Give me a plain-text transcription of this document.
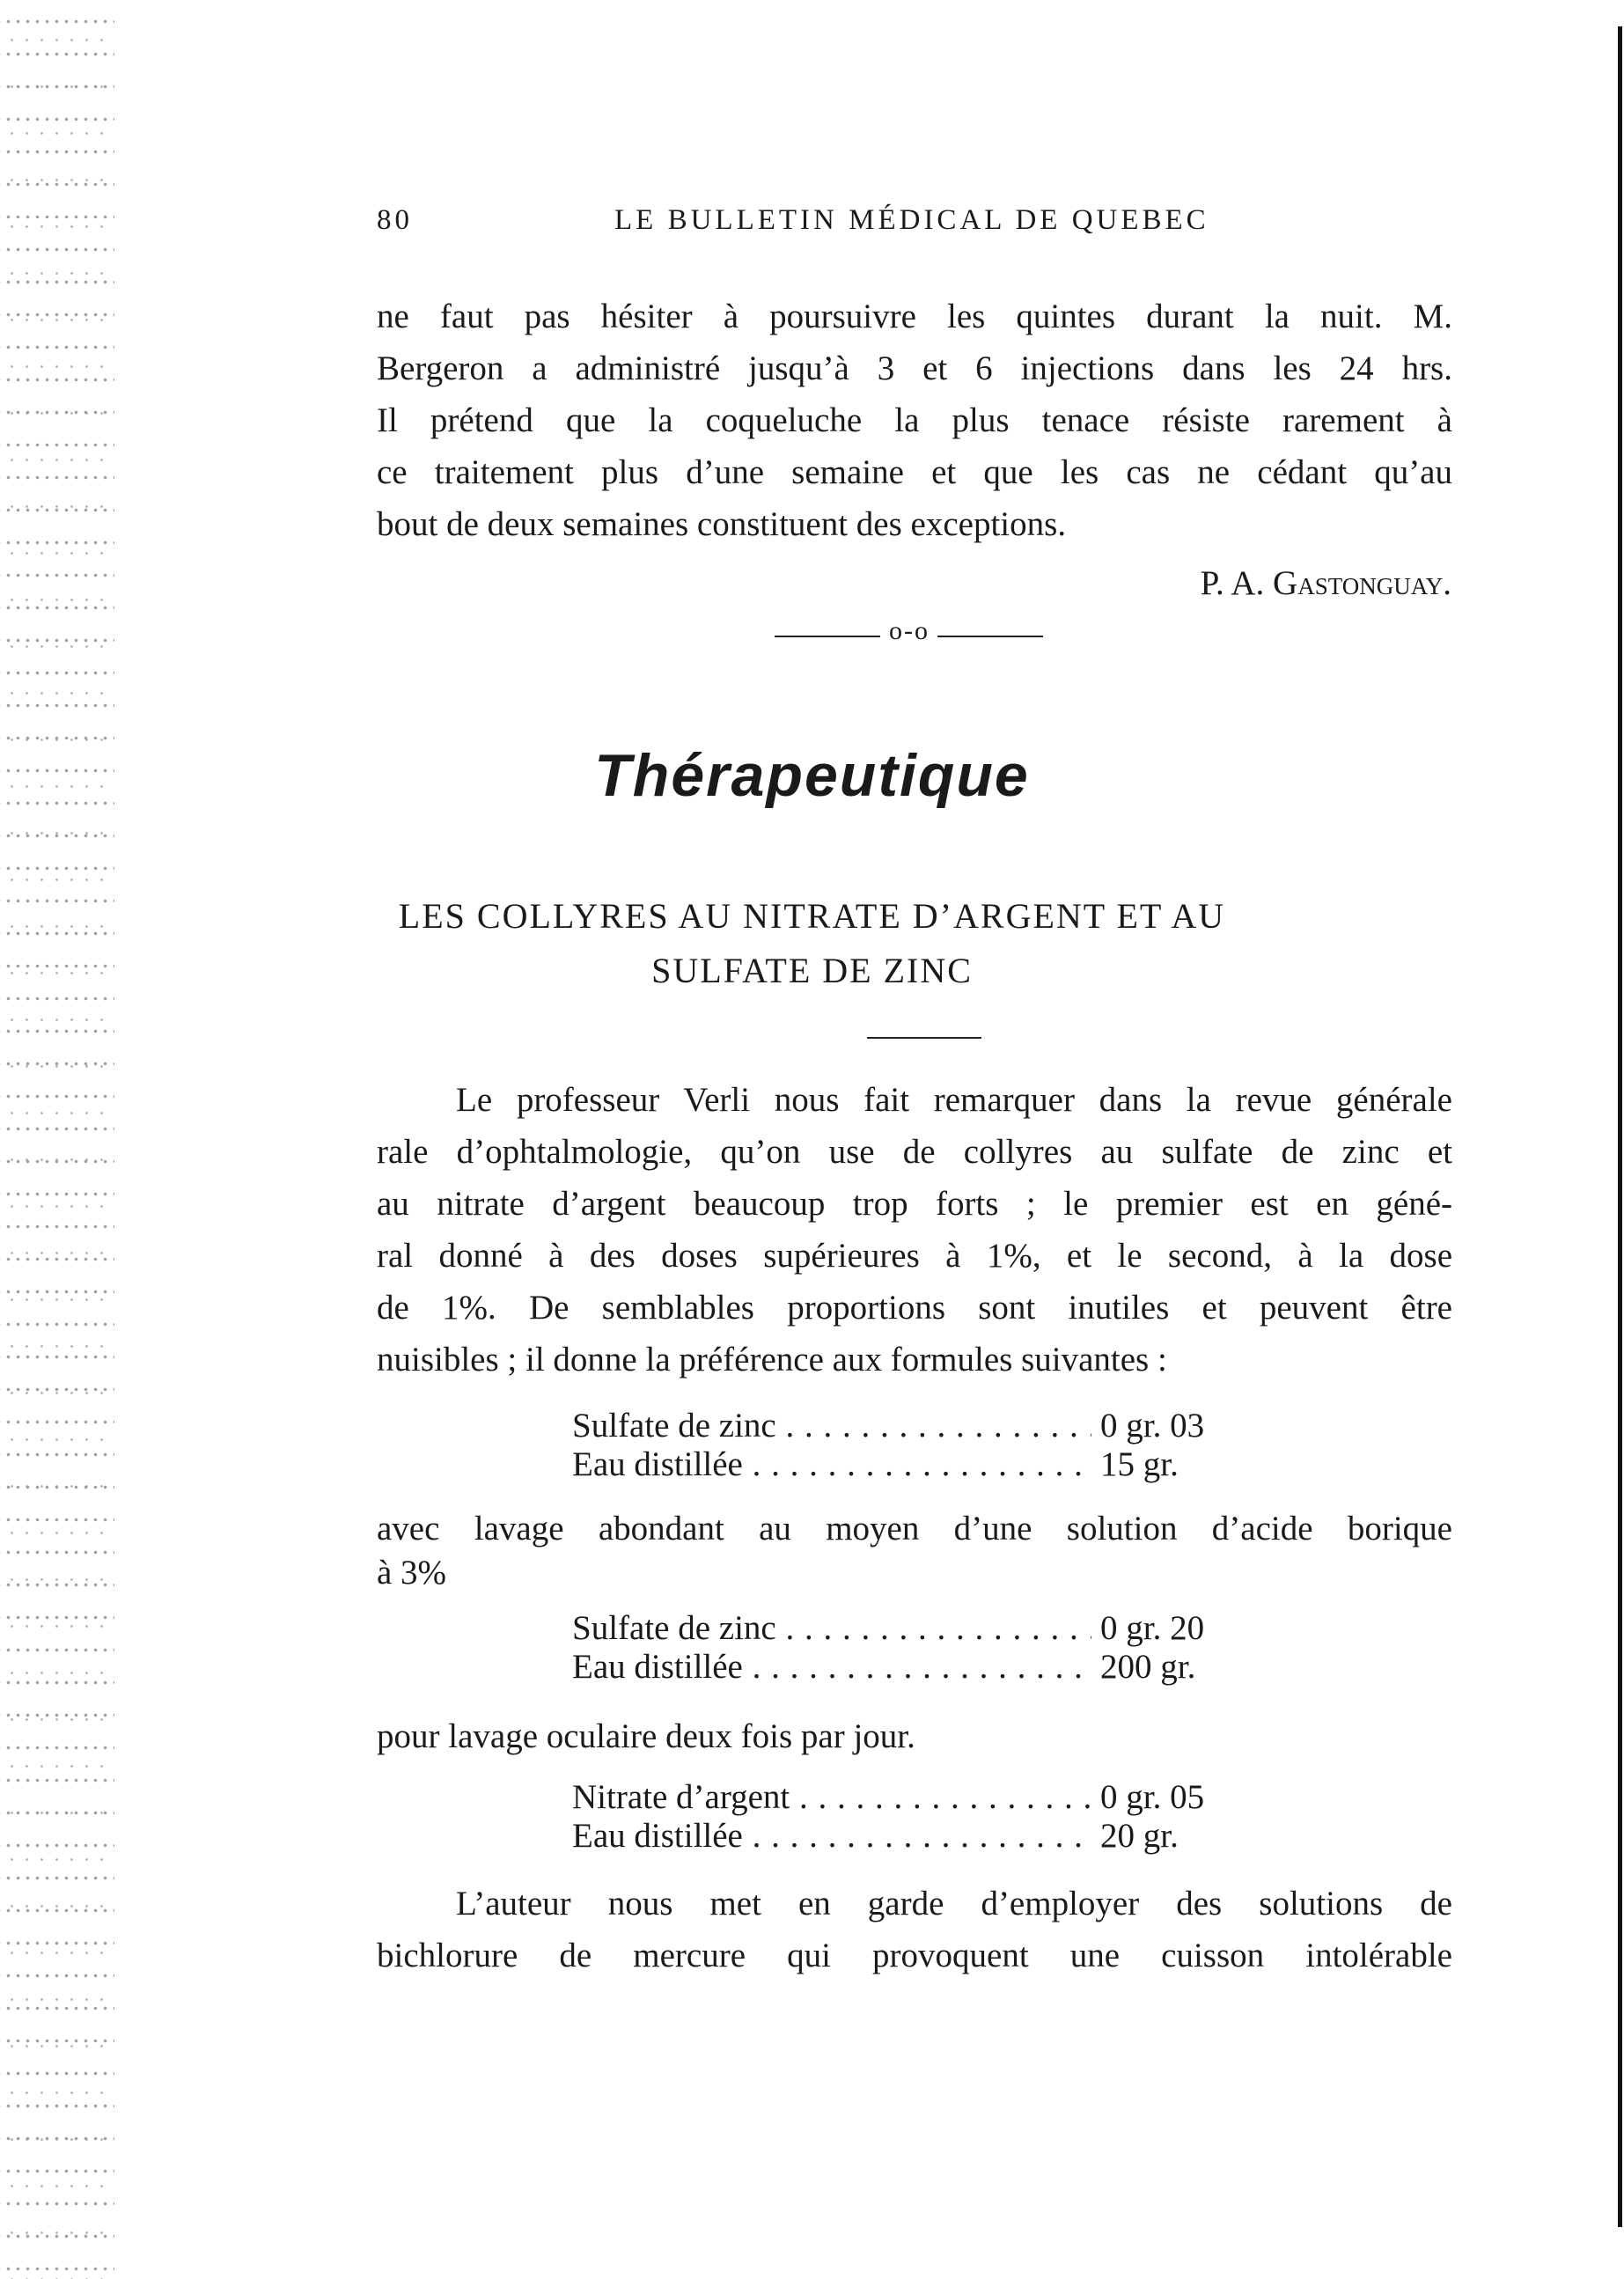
80	LE BULLETIN MÉDICAL DE QUEBEC
ne faut pas hésiter à poursuivre les quintes durant la nuit. M.
Bergeron a administré jusqu’à 3 et 6 injections dans les 24 hrs.
Il prétend que la coqueluche la plus tenace résiste rarement à
ce traitement plus d’une semaine et que les cas ne cédant qu’au
bout de deux semaines constituent des exceptions.
P. A. Gastonguay.
o-o
Thérapeutique
LES COLLYRES AU NITRATE D’ARGENT ET AU
SULFATE DE ZINC
Le professeur Verli nous fait remarquer dans la revue générale
rale d’ophtalmologie, qu’on use de collyres au sulfate de zinc et
au nitrate d’argent beaucoup trop forts ; le premier est en géné-
ral donné à des doses supérieures à 1%, et le second, à la dose
de 1%. De semblables proportions sont inutiles et peuvent être
nuisibles ; il donne la préférence aux formules suivantes :
Sulfate de zinc . . .	0 gr. 03
Eau distillée . . .	15 gr.
avec lavage abondant au moyen d’une solution d’acide borique
à 3%
Sulfate de zinc . . .	0 gr. 20
Eau distillée . . .	200 gr.
pour lavage oculaire deux fois par jour.
Nitrate d’argent . . .	0 gr. 05
Eau distillée . . .	20 gr.
L’auteur nous met en garde d’employer des solutions de
bichlorure de mercure qui provoquent une cuisson intolérable
